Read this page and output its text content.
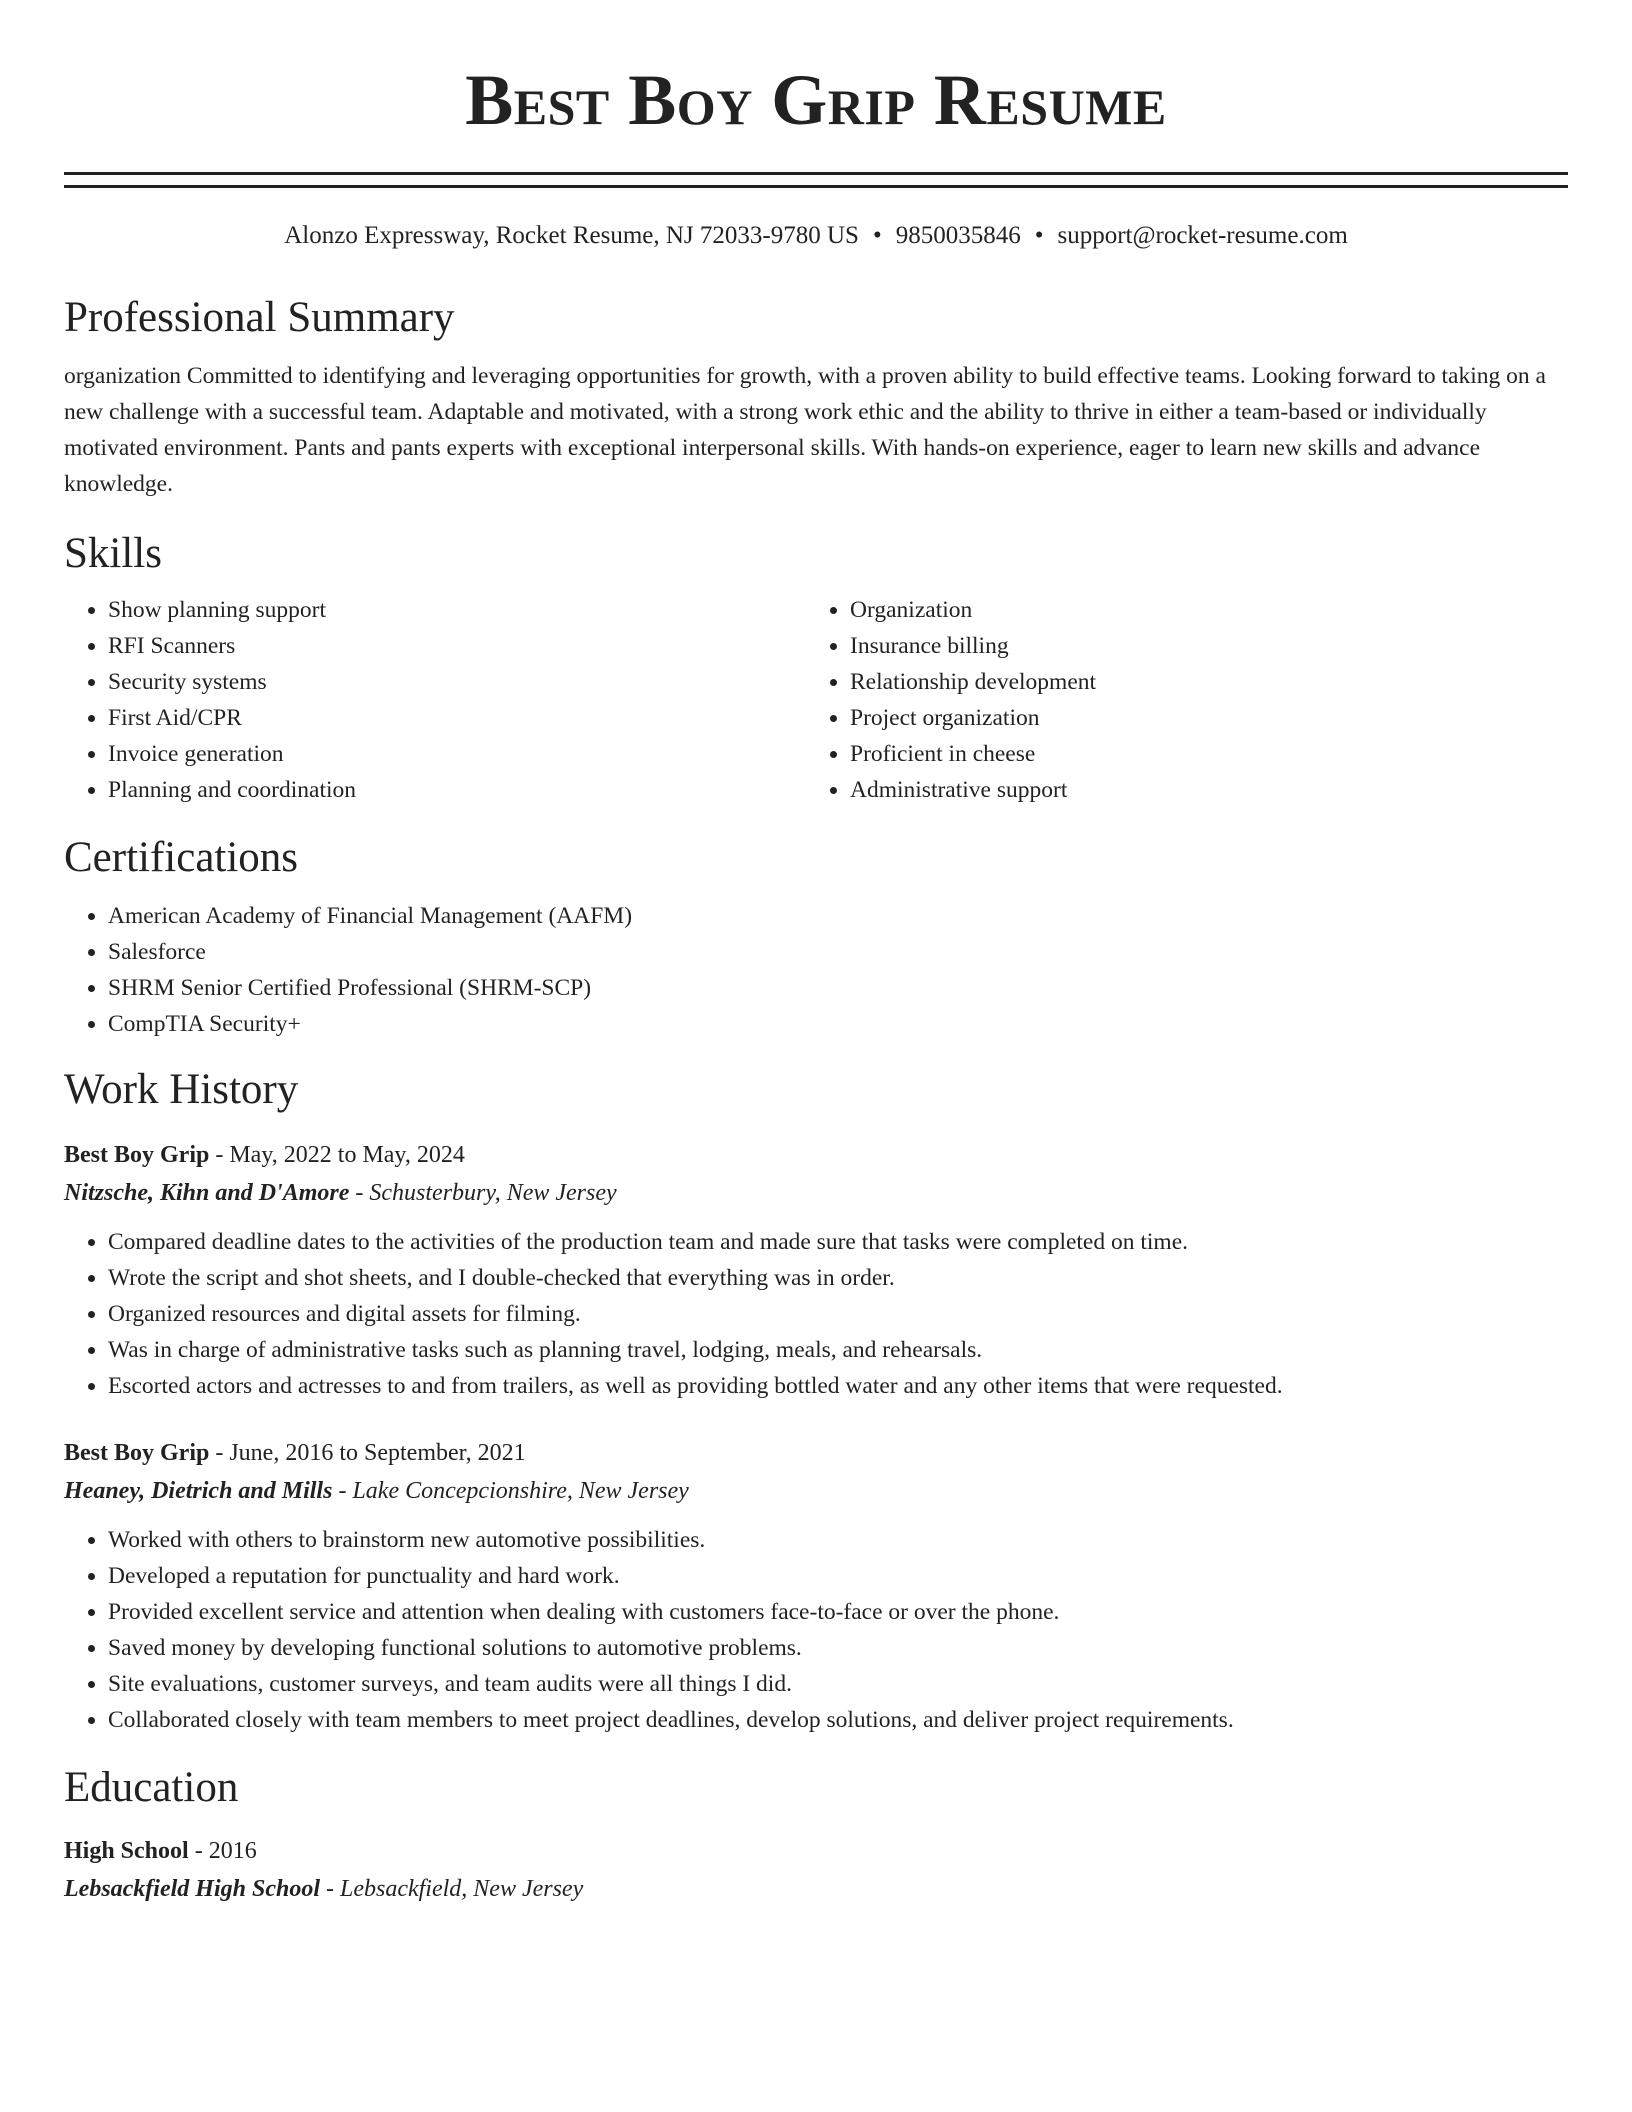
Best Boy Grip Resume
Alonzo Expressway, Rocket Resume, NJ 72033-9780 US • 9850035846 • support@rocket-resume.com
Professional Summary
organization Committed to identifying and leveraging opportunities for growth, with a proven ability to build effective teams. Looking forward to taking on a new challenge with a successful team. Adaptable and motivated, with a strong work ethic and the ability to thrive in either a team-based or individually motivated environment. Pants and pants experts with exceptional interpersonal skills. With hands-on experience, eager to learn new skills and advance knowledge.
Skills
• Show planning support
• RFI Scanners
• Security systems
• First Aid/CPR
• Invoice generation
• Planning and coordination
• Organization
• Insurance billing
• Relationship development
• Project organization
• Proficient in cheese
• Administrative support
Certifications
• American Academy of Financial Management (AAFM)
• Salesforce
• SHRM Senior Certified Professional (SHRM-SCP)
• CompTIA Security+
Work History
Best Boy Grip - May, 2022 to May, 2024
Nitzsche, Kihn and D'Amore - Schusterbury, New Jersey
• Compared deadline dates to the activities of the production team and made sure that tasks were completed on time.
• Wrote the script and shot sheets, and I double-checked that everything was in order.
• Organized resources and digital assets for filming.
• Was in charge of administrative tasks such as planning travel, lodging, meals, and rehearsals.
• Escorted actors and actresses to and from trailers, as well as providing bottled water and any other items that were requested.
Best Boy Grip - June, 2016 to September, 2021
Heaney, Dietrich and Mills - Lake Concepcionshire, New Jersey
• Worked with others to brainstorm new automotive possibilities.
• Developed a reputation for punctuality and hard work.
• Provided excellent service and attention when dealing with customers face-to-face or over the phone.
• Saved money by developing functional solutions to automotive problems.
• Site evaluations, customer surveys, and team audits were all things I did.
• Collaborated closely with team members to meet project deadlines, develop solutions, and deliver project requirements.
Education
High School - 2016
Lebsackfield High School - Lebsackfield, New Jersey
